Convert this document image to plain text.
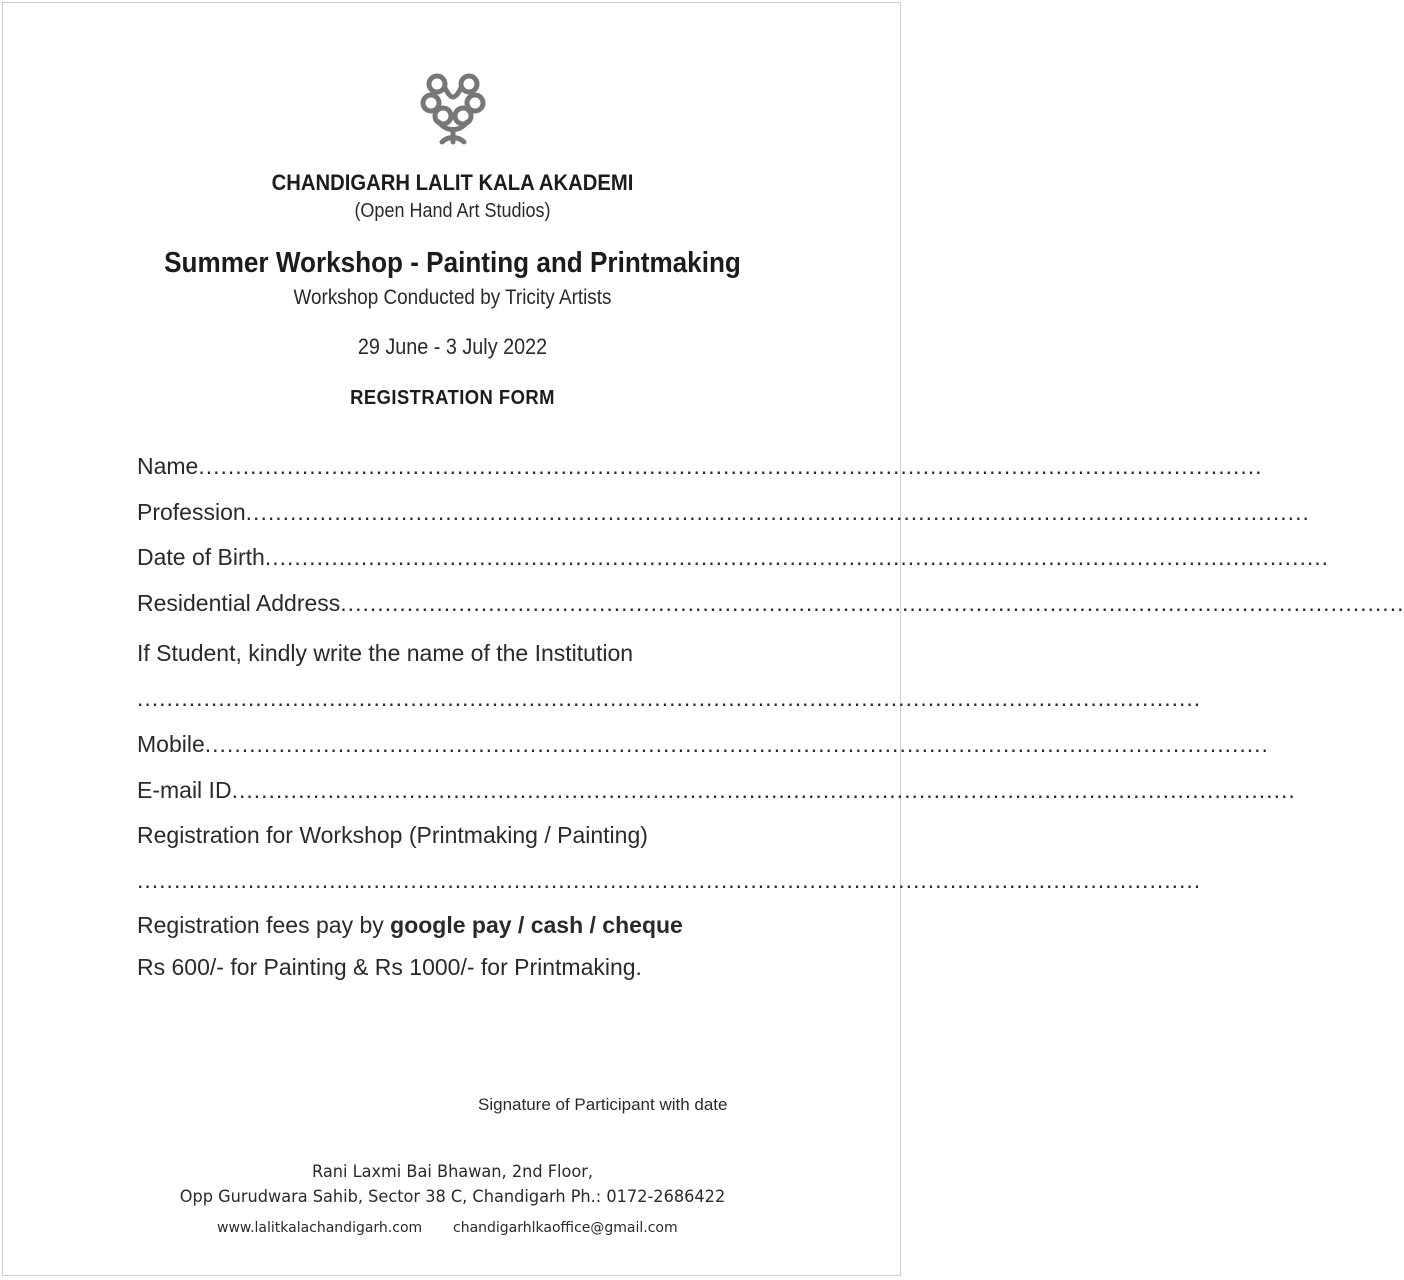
CHANDIGARH LALIT KALA AKADEMI
(Open Hand Art Studios)
Summer Workshop - Painting and Printmaking
Workshop Conducted by Tricity Artists
29 June - 3 July 2022
REGISTRATION FORM
Name ................................................................................................................................................
Profession ................................................................................................................................................
Date of Birth ................................................................................................................................................
Residential Address ................................................................................................................................................
If Student, kindly write the name of the Institution
................................................................................................................................................
Mobile ................................................................................................................................................
E-mail ID ................................................................................................................................................
Registration for Workshop (Printmaking / Painting)
................................................................................................................................................
Registration fees pay by google pay / cash / cheque
Rs 600/- for Painting & Rs 1000/- for Printmaking.
Signature of Participant with date
Rani Laxmi Bai Bhawan, 2nd Floor,
Opp Gurudwara Sahib, Sector 38 C, Chandigarh Ph.: 0172-2686422
www.lalitkalachandigarh.com chandigarhlkaoffice@gmail.com
